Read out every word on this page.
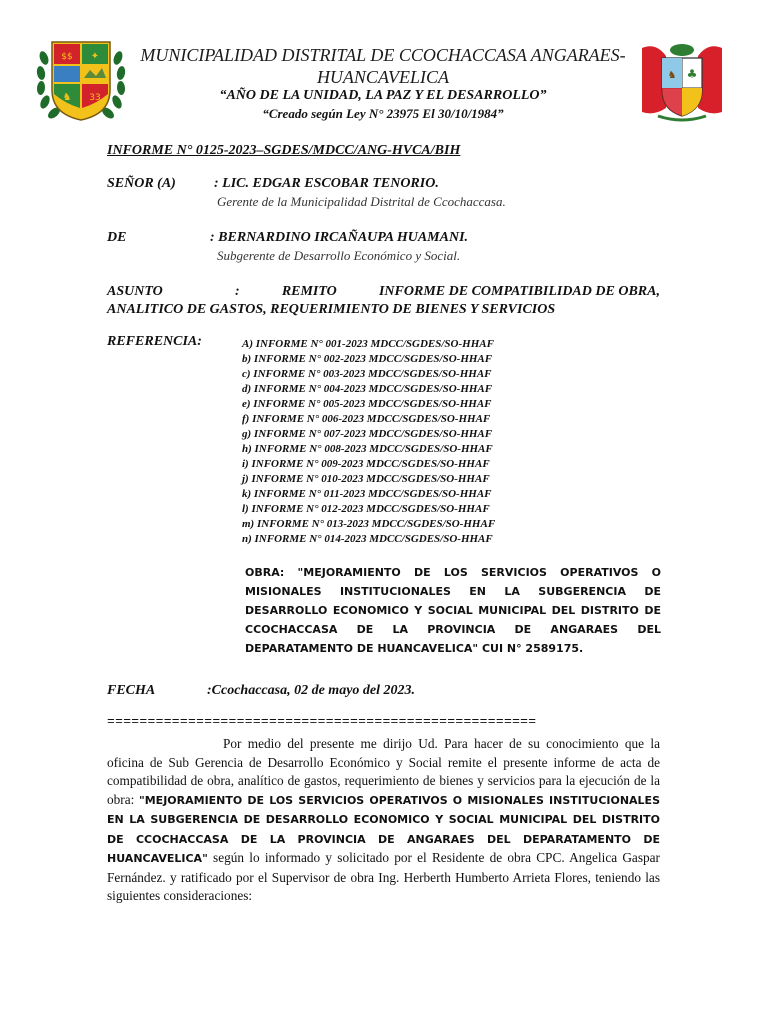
$$ ✦
♞ 33
♞ ♣
MUNICIPALIDAD DISTRITAL DE CCOCHACCASA ANGARAES-HUANCAVELICA
“AÑO DE LA UNIDAD, LA PAZ Y EL DESARROLLO”
“Creado según Ley N° 23975 El 30/10/1984”
INFORME N° 0125-2023–SGDES/MDCC/ANG-HVCA/BIH
SEÑOR (A)	: LIC. EDGAR ESCOBAR TENORIO.
Gerente de la Municipalidad Distrital de Ccochaccasa.
DE	: BERNARDINO IRCAÑAUPA HUAMANI.
Subgerente de Desarrollo Económico y Social.
ASUNTO	:	REMITO	INFORME DE COMPATIBILIDAD DE OBRA,
ANALITICO DE GASTOS, REQUERIMIENTO DE BIENES Y SERVICIOS
REFERENCIA:	A) INFORME N° 001-2023 MDCC/SGDES/SO-HHAF
b) INFORME N° 002-2023 MDCC/SGDES/SO-HHAF
c) INFORME N° 003-2023 MDCC/SGDES/SO-HHAF
d) INFORME N° 004-2023 MDCC/SGDES/SO-HHAF
e) INFORME N° 005-2023 MDCC/SGDES/SO-HHAF
f) INFORME N° 006-2023 MDCC/SGDES/SO-HHAF
g) INFORME N° 007-2023 MDCC/SGDES/SO-HHAF
h) INFORME N° 008-2023 MDCC/SGDES/SO-HHAF
i) INFORME N° 009-2023 MDCC/SGDES/SO-HHAF
j) INFORME N° 010-2023 MDCC/SGDES/SO-HHAF
k) INFORME N° 011-2023 MDCC/SGDES/SO-HHAF
l) INFORME N° 012-2023 MDCC/SGDES/SO-HHAF
m) INFORME N° 013-2023 MDCC/SGDES/SO-HHAF
n) INFORME N° 014-2023 MDCC/SGDES/SO-HHAF
OBRA: "MEJORAMIENTO DE LOS SERVICIOS OPERATIVOS O MISIONALES INSTITUCIONALES EN LA SUBGERENCIA DE DESARROLLO ECONOMICO Y SOCIAL MUNICIPAL DEL DISTRITO DE CCOCHACCASA DE LA PROVINCIA DE ANGARAES DEL DEPARATAMENTO DE HUANCAVELICA" CUI N° 2589175.
FECHA	:Ccochaccasa, 02 de mayo del 2023.
=====================================================
Por medio del presente me dirijo Ud. Para hacer de su conocimiento que la oficina de Sub Gerencia de Desarrollo Económico y Social remite el presente informe de acta de compatibilidad de obra, analítico de gastos, requerimiento de bienes y servicios para la ejecución de la obra: "MEJORAMIENTO DE LOS SERVICIOS OPERATIVOS O MISIONALES INSTITUCIONALES EN LA SUBGERENCIA DE DESARROLLO ECONOMICO Y SOCIAL MUNICIPAL DEL DISTRITO DE CCOCHACCASA DE LA PROVINCIA DE ANGARAES DEL DEPARATAMENTO DE HUANCAVELICA" según lo informado y solicitado por el Residente de obra CPC. Angelica Gaspar Fernández. y ratificado por el Supervisor de obra Ing. Herberth Humberto Arrieta Flores, teniendo las siguientes consideraciones:
